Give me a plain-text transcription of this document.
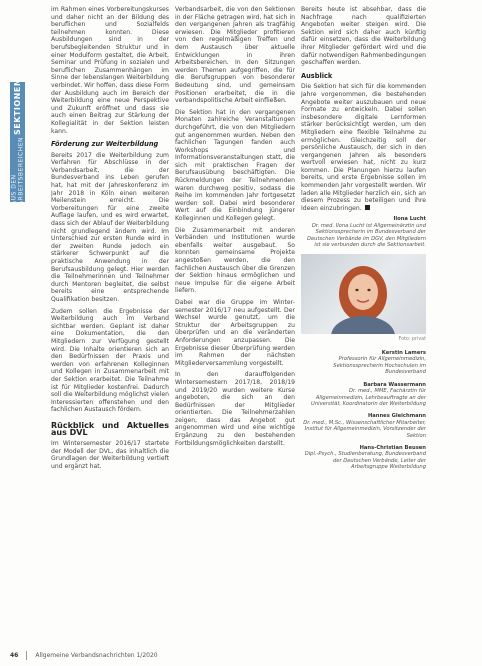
AUS DEN ARBEITSBEREICHEN
SEKTIONEN

im Rahmen eines Vorbereitungskurses und daher nicht an der Bildung des beruflichen und Sozialfelds teilnehmen konnten. Diese Ausbildungen sind in der berufsbegleitenden Struktur und in einer Modulform gestaltet, die Arbeit, Seminar und Prüfung in sozialen und beruflichen Zusammenhängen im Sinne der lebenslangen Weiterbildung verbindet. Wir hoffen, dass diese Form der Ausbildung auch im Bereich der Weiterbildung eine neue Perspektive und Zukunft eröffnet und dass sie auch einen Beitrag zur Stärkung der Kollegialität in der Sektion leisten kann.

Förderung zur Weiterbildung

Bereits 2017 die Weiterbildung zum Verfahren für Abschlüsse in der Verbandsarbeit, die der Bundesverband ins Leben gerufen hat, hat mit der Jahreskonferenz im Jahr 2018 in Köln einen weiteren Meilenstein erreicht. Die Vorbereitungen für eine zweite Auflage laufen, und es wird erwartet, dass sich der Ablauf der Weiterbildung nicht grundlegend ändern wird. Im Unterschied zur ersten Runde wird in der zweiten Runde jedoch ein stärkerer Schwerpunkt auf die praktische Anwendung in der Berufsausbildung gelegt. Hier werden die Teilnehmerinnen und Teilnehmer durch Mentoren begleitet, die selbst bereits eine entsprechende Qualifikation besitzen.

Zudem sollen die Ergebnisse der Weiterbildung auch im Verband sichtbar werden. Geplant ist daher eine Dokumentation, die den Mitgliedern zur Verfügung gestellt wird. Die Inhalte orientieren sich an den Bedürfnissen der Praxis und werden von erfahrenen Kolleginnen und Kollegen in Zusammenarbeit mit der Sektion erarbeitet. Die Teilnahme ist für Mitglieder kostenfrei. Dadurch soll die Weiterbildung möglichst vielen Interessierten offenstehen und den fachlichen Austausch fördern.

Rückblick und Aktuelles aus DVL

Im Wintersemester 2016/17 startete der Modell der DVL, das inhaltlich die Grundlagen der Weiterbildung vertieft und ergänzt hat.

Verbandsarbeit, die von den Sektionen in der Fläche getragen wird, hat sich in den vergangenen Jahren als tragfähig erwiesen. Die Mitglieder profitieren von den regelmäßigen Treffen und dem Austausch über aktuelle Entwicklungen in ihren Arbeitsbereichen. In den Sitzungen werden Themen aufgegriffen, die für die Berufsgruppen von besonderer Bedeutung sind, und gemeinsam Positionen erarbeitet, die in die verbandspolitische Arbeit einfließen.

Die Sektion hat in den vergangenen Monaten zahlreiche Veranstaltungen durchgeführt, die von den Mitgliedern gut angenommen wurden. Neben den fachlichen Tagungen fanden auch Workshops und Informationsveranstaltungen statt, die sich mit praktischen Fragen der Berufsausübung beschäftigten. Die Rückmeldungen der Teilnehmenden waren durchweg positiv, sodass die Reihe im kommenden Jahr fortgesetzt werden soll. Dabei wird besonderer Wert auf die Einbindung jüngerer Kolleginnen und Kollegen gelegt.

Die Zusammenarbeit mit anderen Verbänden und Institutionen wurde ebenfalls weiter ausgebaut. So konnten gemeinsame Projekte angestoßen werden, die den fachlichen Austausch über die Grenzen der Sektion hinaus ermöglichen und neue Impulse für die eigene Arbeit liefern.

Dabei war die Gruppe im Winter-semester 2016/17 neu aufgestellt. Der Wechsel wurde genutzt, um die Struktur der Arbeitsgruppen zu überprüfen und an die veränderten Anforderungen anzupassen. Die Ergebnisse dieser Überprüfung werden im Rahmen der nächsten Mitgliederversammlung vorgestellt.

In den darauffolgenden Wintersemestern 2017/18, 2018/19 und 2019/20 wurden weitere Kurse angeboten, die sich an den Bedürfnissen der Mitglieder orientierten. Die Teilnehmerzahlen zeigen, dass das Angebot gut angenommen wird und eine wichtige Ergänzung zu den bestehenden Fortbildungsmöglichkeiten darstellt.

Bereits heute ist absehbar, dass die Nachfrage nach qualifizierten Angeboten weiter steigen wird. Die Sektion wird sich daher auch künftig dafür einsetzen, dass die Weiterbildung ihrer Mitglieder gefördert wird und die dafür notwendigen Rahmenbedingungen geschaffen werden.

Ausblick

Die Sektion hat sich für die kommenden Jahre vorgenommen, die bestehenden Angebote weiter auszubauen und neue Formate zu entwickeln. Dabei sollen insbesondere digitale Lernformen stärker berücksichtigt werden, um den Mitgliedern eine flexible Teilnahme zu ermöglichen. Gleichzeitig soll der persönliche Austausch, der sich in den vergangenen Jahren als besonders wertvoll erwiesen hat, nicht zu kurz kommen. Die Planungen hierzu laufen bereits, und erste Ergebnisse sollen im kommenden Jahr vorgestellt werden. Wir laden alle Mitglieder herzlich ein, sich an diesem Prozess zu beteiligen und ihre Ideen einzubringen.

Ilona Lucht
Dr. med. Ilona Lucht ist Allgemeinärztin und Sektionssprecherin im Bundesverband der Deutschen Verbände im DGV, den Mitgliedern ist sie verbunden durch die Sektionsarbeit.
Foto: privat
Kerstin Lamers
Professorin für Allgemeinmedizin, Sektionssprecherin Hochschulen im Bundesverband
Barbara Wassermann
Dr. med., MME, Fachärztin für Allgemeinmedizin, Lehrbeauftragte an der Universität, Koordinatorin der Weiterbildung
Hannes Gleichmann
Dr. med., M.Sc., Wissenschaftlicher Mitarbeiter, Institut für Allgemeinmedizin, Vorsitzender der Sektion
Hans-Christian Beusen
Dipl.-Psych., Studienberatung, Bundesverband der Deutschen Verbände, Leiter der Arbeitsgruppe Weiterbildung
46	Allgemeine Verbandsnachrichten 1/2020
